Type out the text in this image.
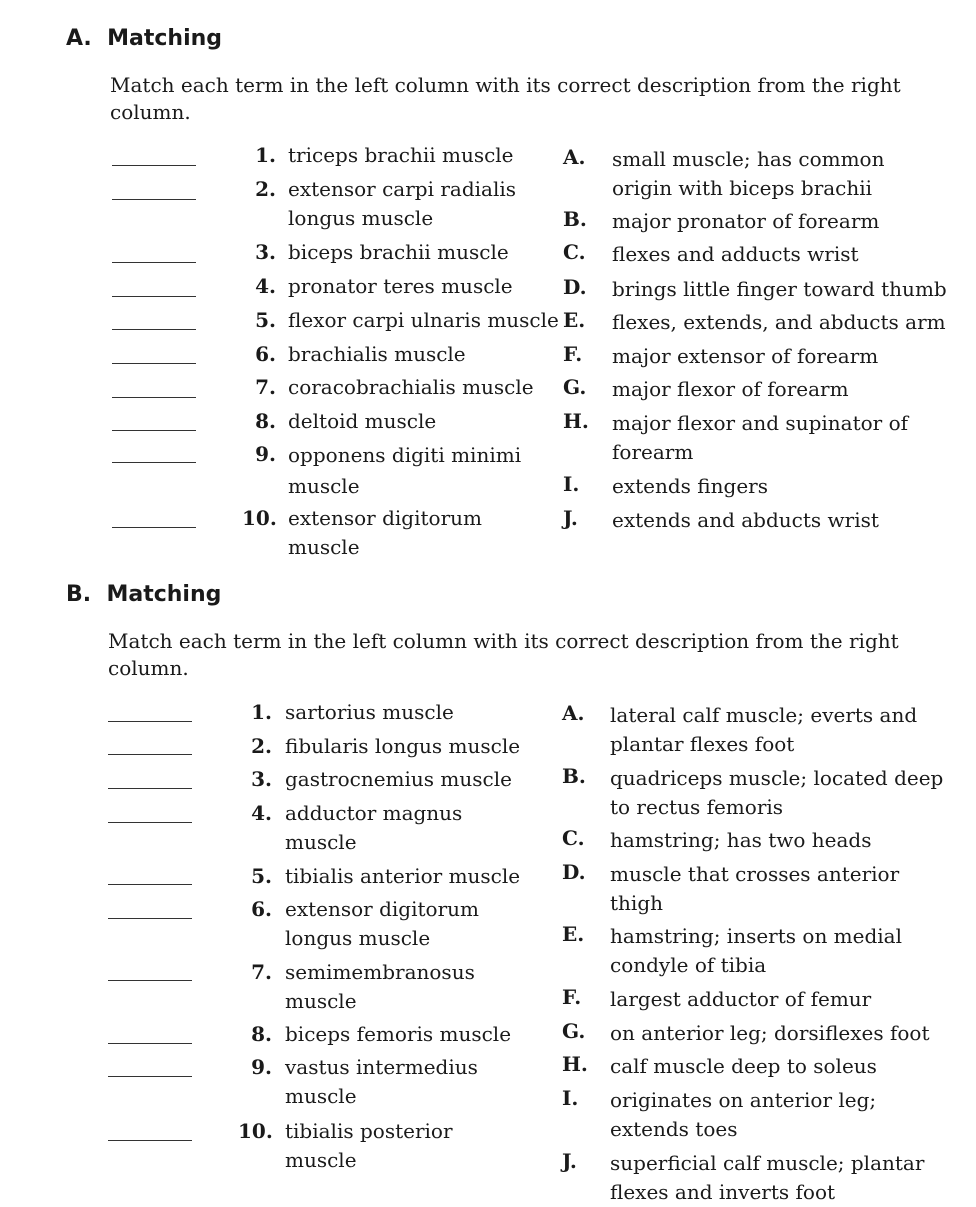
A. Matching
Match each term in the left column with its correct description from the right
column.
1. triceps brachii muscle
2. extensor carpi radialis
longus muscle
3. biceps brachii muscle
4. pronator teres muscle
5. flexor carpi ulnaris muscle
6. brachialis muscle
7. coracobrachialis muscle
8. deltoid muscle
9. opponens digiti minimi
muscle
10. extensor digitorum
muscle
A. small muscle; has common
origin with biceps brachii
B. major pronator of forearm
C. flexes and adducts wrist
D. brings little finger toward thumb
E. flexes, extends, and abducts arm
F. major extensor of forearm
G. major flexor of forearm
H. major flexor and supinator of
forearm
I. extends fingers
J. extends and abducts wrist
B. Matching
Match each term in the left column with its correct description from the right
column.
1. sartorius muscle
2. fibularis longus muscle
3. gastrocnemius muscle
4. adductor magnus
muscle
5. tibialis anterior muscle
6. extensor digitorum
longus muscle
7. semimembranosus
muscle
8. biceps femoris muscle
9. vastus intermedius
muscle
10. tibialis posterior
muscle
A. lateral calf muscle; everts and
plantar flexes foot
B. quadriceps muscle; located deep
to rectus femoris
C. hamstring; has two heads
D. muscle that crosses anterior
thigh
E. hamstring; inserts on medial
condyle of tibia
F. largest adductor of femur
G. on anterior leg; dorsiflexes foot
H. calf muscle deep to soleus
I. originates on anterior leg;
extends toes
J. superficial calf muscle; plantar
flexes and inverts foot
